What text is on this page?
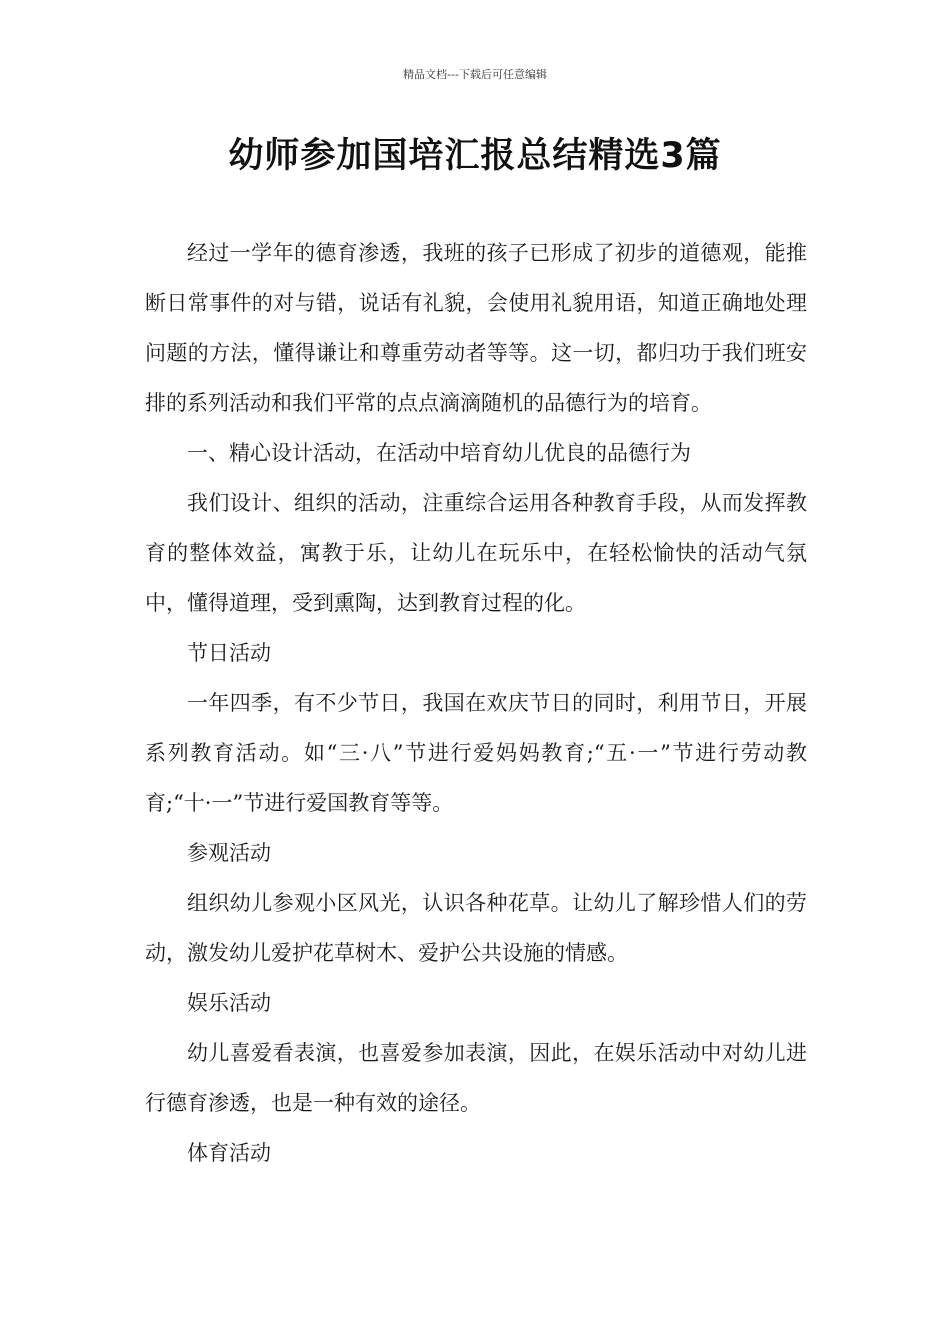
精品文档---下载后可任意编辑
幼师参加国培汇报总结精选3篇

经过一学年的德育渗透，我班的孩子已形成了初步的道德观，能推断日常事件的对与错，说话有礼貌，会使用礼貌用语，知道正确地处理问题的方法，懂得谦让和尊重劳动者等等。这一切，都归功于我们班安排的系列活动和我们平常的点点滴滴随机的品德行为的培育。

一、精心设计活动，在活动中培育幼儿优良的品德行为

我们设计、组织的活动，注重综合运用各种教育手段，从而发挥教育的整体效益，寓教于乐，让幼儿在玩乐中，在轻松愉快的活动气氛中，懂得道理，受到熏陶，达到教育过程的化。

节日活动

一年四季，有不少节日，我国在欢庆节日的同时，利用节日，开展系列教育活动。如“三·八”节进行爱妈妈教育;“五·一”节进行劳动教育;“十·一”节进行爱国教育等等。

参观活动

组织幼儿参观小区风光，认识各种花草。让幼儿了解珍惜人们的劳动，激发幼儿爱护花草树木、爱护公共设施的情感。

娱乐活动

幼儿喜爱看表演，也喜爱参加表演，因此，在娱乐活动中对幼儿进行德育渗透，也是一种有效的途径。

体育活动
